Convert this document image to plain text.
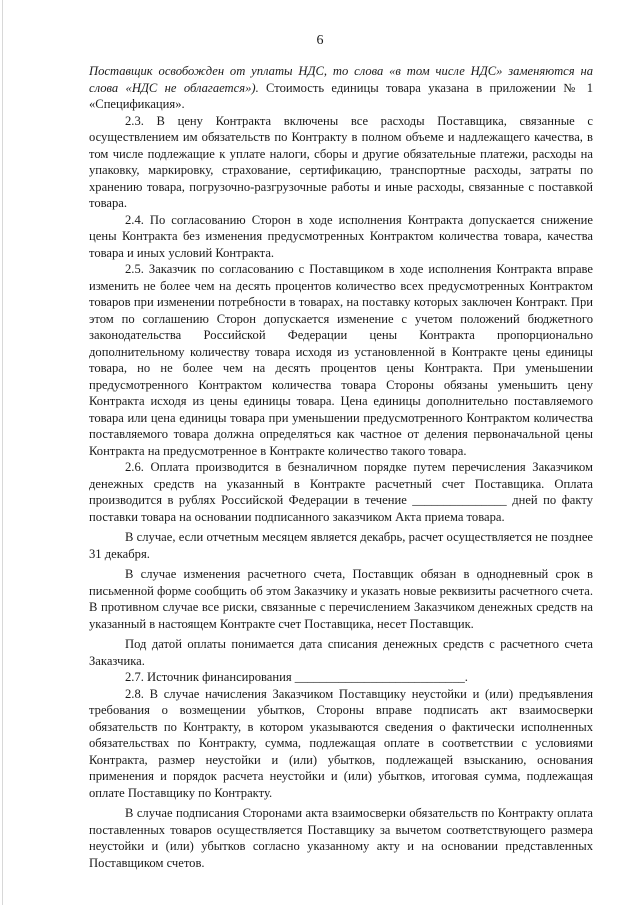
6

Поставщик освобожден от уплаты НДС, то слова «в том числе НДС» заменяются на слова «НДС не облагается»). Стоимость единицы товара указана в приложении № 1 «Спецификация».

2.3. В цену Контракта включены все расходы Поставщика, связанные с осуществлением им обязательств по Контракту в полном объеме и надлежащего качества, в том числе подлежащие к уплате налоги, сборы и другие обязательные платежи, расходы на упаковку, маркировку, страхование, сертификацию, транспортные расходы, затраты по хранению товара, погрузочно-разгрузочные работы и иные расходы, связанные с поставкой товара.

2.4. По согласованию Сторон в ходе исполнения Контракта допускается снижение цены Контракта без изменения предусмотренных Контрактом количества товара, качества товара и иных условий Контракта.

2.5. Заказчик по согласованию с Поставщиком в ходе исполнения Контракта вправе изменить не более чем на десять процентов количество всех предусмотренных Контрактом товаров при изменении потребности в товарах, на поставку которых заключен Контракт. При этом по соглашению Сторон допускается изменение с учетом положений бюджетного законодательства Российской Федерации цены Контракта пропорционально дополнительному количеству товара исходя из установленной в Контракте цены единицы товара, но не более чем на десять процентов цены Контракта. При уменьшении предусмотренного Контрактом количества товара Стороны обязаны уменьшить цену Контракта исходя из цены единицы товара. Цена единицы дополнительно поставляемого товара или цена единицы товара при уменьшении предусмотренного Контрактом количества поставляемого товара должна определяться как частное от деления первоначальной цены Контракта на предусмотренное в Контракте количество такого товара.

2.6. Оплата производится в безналичном порядке путем перечисления Заказчиком денежных средств на указанный в Контракте расчетный счет Поставщика. Оплата производится в рублях Российской Федерации в течение _______________ дней по факту поставки товара на основании подписанного заказчиком Акта приема товара.

В случае, если отчетным месяцем является декабрь, расчет осуществляется не позднее 31 декабря.

В случае изменения расчетного счета, Поставщик обязан в однодневный срок в письменной форме сообщить об этом Заказчику и указать новые реквизиты расчетного счета. В противном случае все риски, связанные с перечислением Заказчиком денежных средств на указанный в настоящем Контракте счет Поставщика, несет Поставщик.

Под датой оплаты понимается дата списания денежных средств с расчетного счета Заказчика.

2.7. Источник финансирования ___________________________.

2.8. В случае начисления Заказчиком Поставщику неустойки и (или) предъявления требования о возмещении убытков, Стороны вправе подписать акт взаимосверки обязательств по Контракту, в котором указываются сведения о фактически исполненных обязательствах по Контракту, сумма, подлежащая оплате в соответствии с условиями Контракта, размер неустойки и (или) убытков, подлежащей взысканию, основания применения и порядок расчета неустойки и (или) убытков, итоговая сумма, подлежащая оплате Поставщику по Контракту.

В случае подписания Сторонами акта взаимосверки обязательств по Контракту оплата поставленных товаров осуществляется Поставщику за вычетом соответствующего размера неустойки и (или) убытков согласно указанному акту и на основании представленных Поставщиком счетов.
